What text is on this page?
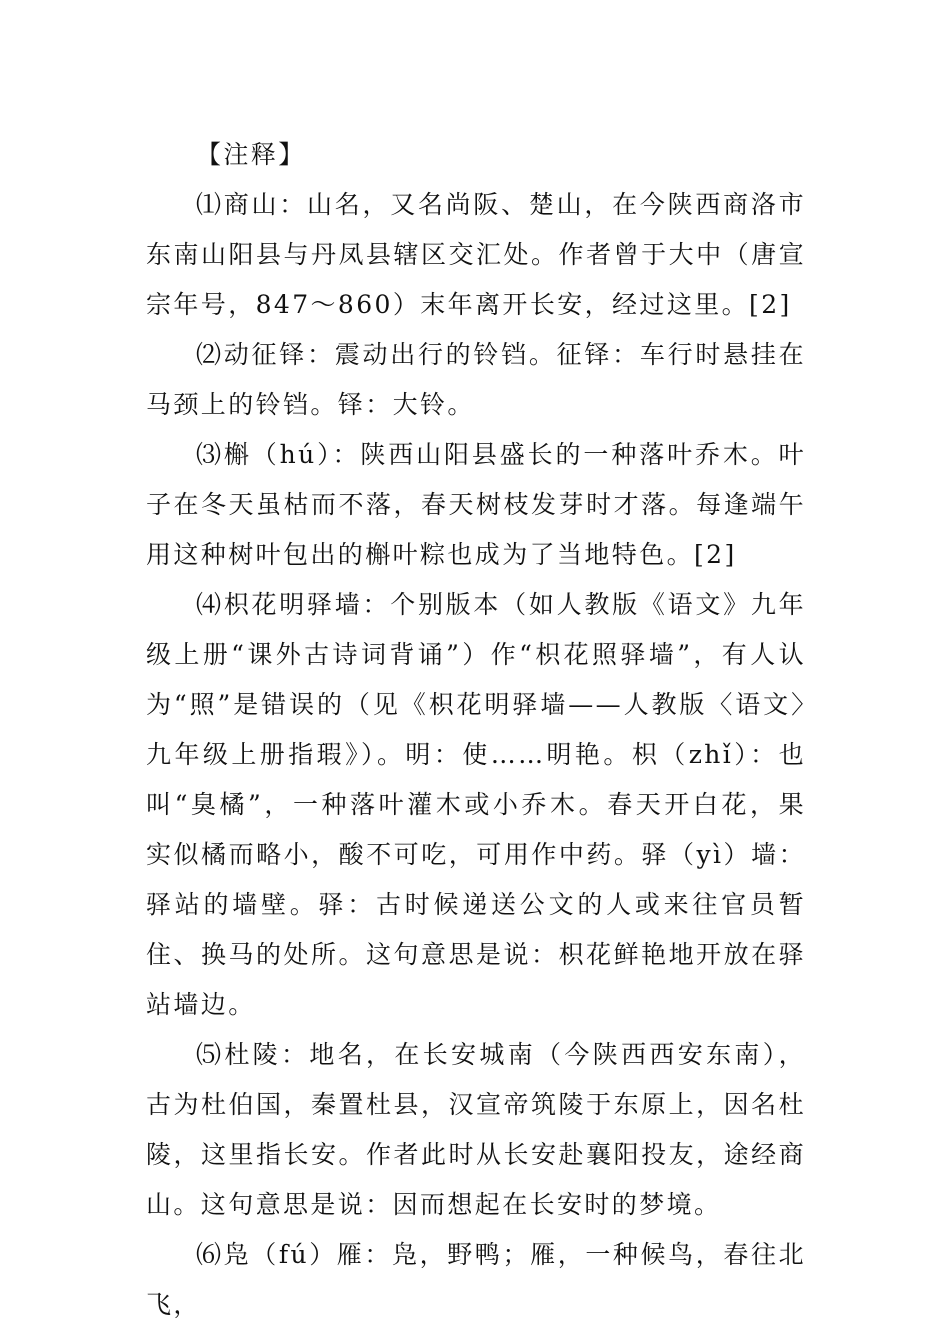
【注释】

⑴商山：山名，又名尚阪、楚山，在今陕西商洛市东南山阳县与丹凤县辖区交汇处。作者曾于大中（唐宣宗年号，847～860）末年离开长安，经过这里。[2]

⑵动征铎：震动出行的铃铛。征铎：车行时悬挂在马颈上的铃铛。铎：大铃。

⑶槲（hú）：陕西山阳县盛长的一种落叶乔木。叶子在冬天虽枯而不落，春天树枝发芽时才落。每逢端午用这种树叶包出的槲叶粽也成为了当地特色。[2]

⑷枳花明驿墙：个别版本（如人教版《语文》九年级上册“课外古诗词背诵”）作“枳花照驿墙”，有人认为“照”是错误的（见《枳花明驿墙——人教版〈语文〉九年级上册指瑕》）。明：使……明艳。枳（zhǐ）：也叫“臭橘”，一种落叶灌木或小乔木。春天开白花，果实似橘而略小，酸不可吃，可用作中药。驿（yì）墙：驿站的墙壁。驿：古时候递送公文的人或来往官员暂住、换马的处所。这句意思是说：枳花鲜艳地开放在驿站墙边。

⑸杜陵：地名，在长安城南（今陕西西安东南），古为杜伯国，秦置杜县，汉宣帝筑陵于东原上，因名杜陵，这里指长安。作者此时从长安赴襄阳投友，途经商山。这句意思是说：因而想起在长安时的梦境。

⑹凫（fú）雁：凫，野鸭；雁，一种候鸟，春往北飞，
